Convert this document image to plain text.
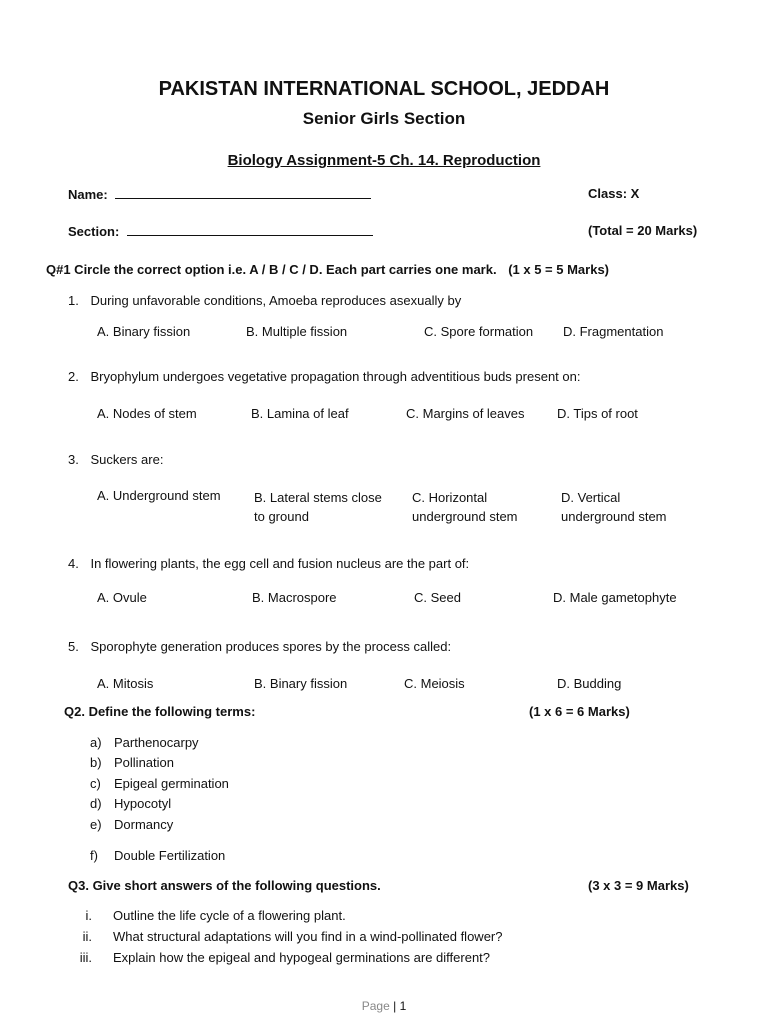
PAKISTAN INTERNATIONAL SCHOOL, JEDDAH
Senior Girls Section
Biology Assignment-5 Ch. 14. Reproduction
Name:	Class: X
Section:	(Total = 20 Marks)
Q#1 Circle the correct option i.e. A / B / C / D. Each part carries one mark. (1 x 5 = 5 Marks)
1. During unfavorable conditions, Amoeba reproduces asexually by
A. Binary fission	B. Multiple fission	C. Spore formation D. Fragmentation
2. Bryophylum undergoes vegetative propagation through adventitious buds present on:
A. Nodes of stem	B. Lamina of leaf	C. Margins of leaves	D. Tips of root
3. Suckers are:
A. Underground stem	B. Lateral stems close to ground
C. Horizontal underground stem
D. Vertical underground stem
4. In flowering plants, the egg cell and fusion nucleus are the part of:
A. Ovule	B. Macrospore	C. Seed	D. Male gametophyte
5. Sporophyte generation produces spores by the process called:
A. Mitosis	B. Binary fission	C. Meiosis	D. Budding
Q2. Define the following terms:	(1 x 6 = 6 Marks)
a) Parthenocarpy
b) Pollination
c) Epigeal germination
d) Hypocotyl
e) Dormancy
f) Double Fertilization
Q3. Give short answers of the following questions.	(3 x 3 = 9 Marks)
i. Outline the life cycle of a flowering plant.
ii. What structural adaptations will you find in a wind-pollinated flower?
iii. Explain how the epigeal and hypogeal germinations are different?
Page | 1
